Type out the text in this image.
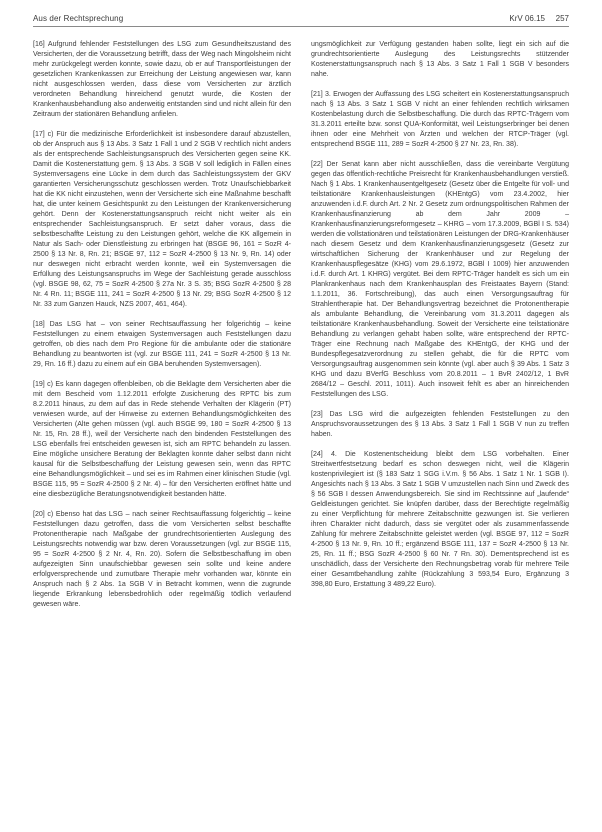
Aus der Rechtsprechung	KrV 06.15 257

[16] Aufgrund fehlender Feststellungen des LSG zum Gesundheitszustand des Versicherten, der die Voraussetzung betrifft, dass der Weg nach Mingolsheim nicht mehr zurückgelegt werden konnte, sowie dazu, ob er auf Transportleistungen der gesetzlichen Krankenkassen zur Erreichung der Leistung angewiesen war, kann nicht ausgeschlossen werden, dass diese vom Versicherten zur ärztlich verordneten Behandlung hinreichend genutzt wurde, die Kosten der Krankenhausbehandlung also anderweitig entstanden sind und nicht allein für den Zeitraum der stationären Behandlung anfielen.

[17] c) Für die medizinische Erforderlichkeit ist insbesondere darauf abzustellen, ob der Anspruch aus § 13 Abs. 3 Satz 1 Fall 1 und 2 SGB V rechtlich nicht anders als der entsprechende Sachleistungsanspruch des Versicherten gegen seine KK. Damit die Kostenerstattung gem. § 13 Abs. 3 SGB V soll lediglich in Fällen eines Systemversagens eine Lücke in dem durch das Sachleistungssystem der GKV garantierten Versicherungsschutz geschlossen werden. Trotz Unaufschiebbarkeit hat die KK nicht einzustehen, wenn der Versicherte sich eine Maßnahme beschafft hat, die unter keinem Gesichtspunkt zu den Leistungen der Krankenversicherung gehört. Denn der Kostenerstattungsanspruch reicht nicht weiter als ein entsprechender Sachleistungsanspruch. Er setzt daher voraus, dass die selbstbeschaffte Leistung zu den Leistungen gehört, welche die KK allgemein in Natur als Sach- oder Dienstleistung zu erbringen hat (BSGE 96, 161 = SozR 4-2500 § 13 Nr. 8, Rn. 21; BSGE 97, 112 = SozR 4-2500 § 13 Nr. 9, Rn. 14) oder nur deswegen nicht erbracht werden konnte, weil ein Systemversagen die Erfüllung des Leistungsanspruchs im Wege der Sachleistung gerade ausschloss (vgl. BSGE 98, 62, 75 = SozR 4-2500 § 27a Nr. 3 S. 35; BSG SozR 4-2500 § 28 Nr. 4 Rn. 11; BSGE 111, 241 = SozR 4-2500 § 13 Nr. 29; BSG SozR 4-2500 § 12 Nr. 33 zum Ganzen Hauck, NZS 2007, 461, 464).

[18] Das LSG hat – von seiner Rechtsauffassung her folgerichtig – keine Feststellungen zu einem etwaigen Systemversagen auch Feststellungen dazu getroffen, ob dies nach dem Pro Regione für die ambulante oder die stationäre Behandlung zu beantworten ist (vgl. zur BSGE 111, 241 = SozR 4-2500 § 13 Nr. 29, Rn. 16 ff.) dazu zu einem auf ein GBA beruhenden Systemversagen).

[19] c) Es kann dagegen offenbleiben, ob die Beklagte dem Versicherten aber die mit dem Bescheid vom 1.12.2011 erfolgte Zusicherung des RPTC bis zum 8.2.2011 hinaus, zu dem auf das in Rede stehende Verhalten der Klägerin (PT) verwiesen wurde, auf der Hinweise zu externen Behandlungsmöglichkeiten des Versicherten (Alte gehen müssen (vgl. auch BSGE 99, 180 = SozR 4-2500 § 13 Nr. 15, Rn. 28 ff.), weil der Versicherte nach den bindenden Feststellungen des LSG ebenfalls frei entscheiden gewesen ist, sich am RPTC behandeln zu lassen. Eine mögliche unsichere Beratung der Beklagten konnte daher selbst dann nicht kausal für die Selbstbeschaffung der Leistung gewesen sein, wenn das RPTC eine Behandlungsmöglichkeit – und sei es im Rahmen einer klinischen Studie (vgl. BSGE 115, 95 = SozR 4-2500 § 2 Nr. 4) – für den Versicherten eröffnet hätte und eine diesbezügliche Beratungsnotwendigkeit bestanden hätte.

[20] c) Ebenso hat das LSG – nach seiner Rechtsauffassung folgerichtig – keine Feststellungen dazu getroffen, dass die vom Versicherten selbst beschaffte Protonentherapie nach Maßgabe der grundrechtsorientierten Auslegung des Leistungsrechts notwendig war bzw. deren Voraussetzungen (vgl. zur BSGE 115, 95 = SozR 4-2500 § 2 Nr. 4, Rn. 20). Sofern die Selbstbeschaffung im oben aufgezeigten Sinn unaufschiebbar gewesen sein sollte und keine andere erfolgversprechende und zumutbare Therapie mehr vorhanden war, könnte ein Anspruch nach § 2 Abs. 1a SGB V in Betracht kommen, wenn die zugrunde liegende Erkrankung lebensbedrohlich oder regelmäßig tödlich verlaufend gewesen wäre.

ungsmöglichkeit zur Verfügung gestanden haben sollte, liegt ein sich auf die grundrechtsorientierte Auslegung des Leistungsrechts stützender Kostenerstattungsanspruch nach § 13 Abs. 3 Satz 1 Fall 1 SGB V besonders nahe.

[21] 3. Erwogen der Auffassung des LSG scheitert ein Kostenerstattungsanspruch nach § 13 Abs. 3 Satz 1 SGB V nicht an einer fehlenden rechtlich wirksamen Kostenbelastung durch die Selbstbeschaffung. Die durch das RPTC-Trägern vom 31.3.2011 erteilte bzw. sonst QUA-Konformität, weil Leistungserbringer bei denen ihnen oder eine Mehrheit von Ärzten und welchen der RTCP-Träger (vgl. entsprechend BSGE 111, 289 = SozR 4-2500 § 27 Nr. 23, Rn. 38).

[22] Der Senat kann aber nicht ausschließen, dass die vereinbarte Vergütung gegen das öffentlich-rechtliche Preisrecht für Krankenhausbehandlungen verstieß. Nach § 1 Abs. 1 Krankenhausentgeltgesetz (Gesetz über die Entgelte für voll- und teilstationäre Krankenhausleistungen (KHEntgG) vom 23.4.2002, hier anzuwenden i.d.F. durch Art. 2 Nr. 2 Gesetz zum ordnungspolitischen Rahmen der Krankenhausfinanzierung ab dem Jahr 2009 – Krankenhausfinanzierungsreformgesetz – KHRG – vom 17.3.2009, BGBl I S. 534) werden die vollstationären und teilstationären Leistungen der DRG-Krankenhäuser nach diesem Gesetz und dem Krankenhausfinanzierungsgesetz (Gesetz zur wirtschaftlichen Sicherung der Krankenhäuser und zur Regelung der Krankenhauspflegesätze (KHG) vom 29.6.1972, BGBl I 1009) hier anzuwenden i.d.F. durch Art. 1 KHRG) vergütet. Bei dem RPTC-Träger handelt es sich um ein Plankrankenhaus nach dem Krankenhausplan des Freistaates Bayern (Stand: 1.1.2011, 36. Fortschreibung), das auch einen Versorgungsauftrag für Strahlentherapie hat. Der Behandlungsvertrag bezeichnet die Protonentherapie als ambulante Behandlung, die Vereinbarung vom 31.3.2011 dagegen als teilstationäre Krankenhausbehandlung. Soweit der Versicherte eine teilstationäre Behandlung zu verlangen gehabt haben sollte, wäre entsprechend der RPTC-Träger eine Rechnung nach Maßgabe des KHEntgG, der KHG und der Bundespflegesatzverordnung zu stellen gehabt, die für die RPTC vom Versorgungsauftrag ausgenommen sein könnte (vgl. aber auch § 39 Abs. 1 Satz 3 KHG und dazu BVerfG Beschluss vom 20.8.2011 – 1 BvR 2402/12, 1 BvR 2684/12 – Geschl. 2011, 1011). Auch insoweit fehlt es aber an hinreichenden Feststellungen des LSG.

[23] Das LSG wird die aufgezeigten fehlenden Feststellungen zu den Anspruchsvoraussetzungen des § 13 Abs. 3 Satz 1 Fall 1 SGB V nun zu treffen haben.

[24] 4. Die Kostenentscheidung bleibt dem LSG vorbehalten. Einer Streitwertfestsetzung bedarf es schon deswegen nicht, weil die Klägerin kostenprivilegiert ist (§ 183 Satz 1 SGG i.V.m. § 56 Abs. 1 Satz 1 Nr. 1 SGB I). Angesichts nach § 13 Abs. 3 Satz 1 SGB V umzustellen nach Sinn und Zweck des § 56 SGB I dessen Anwendungsbereich. Sie sind im Rechtssinne auf „laufende“ Geldleistungen gerichtet. Sie knüpfen darüber, dass der Berechtigte regelmäßig zu einer Verpflichtung für mehrere Zeitabschnitte gezwungen ist. Sie verlieren ihren Charakter nicht dadurch, dass sie vergütet oder als zusammenfassende Zahlung für mehrere Zeitabschnitte geleistet werden (vgl. BSGE 97, 112 = SozR 4-2500 § 13 Nr. 9, Rn. 10 ff.; ergänzend BSGE 111, 137 = SozR 4-2500 § 13 Nr. 25, Rn. 11 ff.; BSG SozR 4-2500 § 60 Nr. 7 Rn. 30). Dementsprechend ist es unschädlich, dass der Versicherte den Rechnungsbetrag vorab für mehrere Teile einer Gesamtbehandlung zahlte (Rückzahlung 3 593,54 Euro, Ergänzung 3 398,80 Euro, Erstattung 3 489,22 Euro).
